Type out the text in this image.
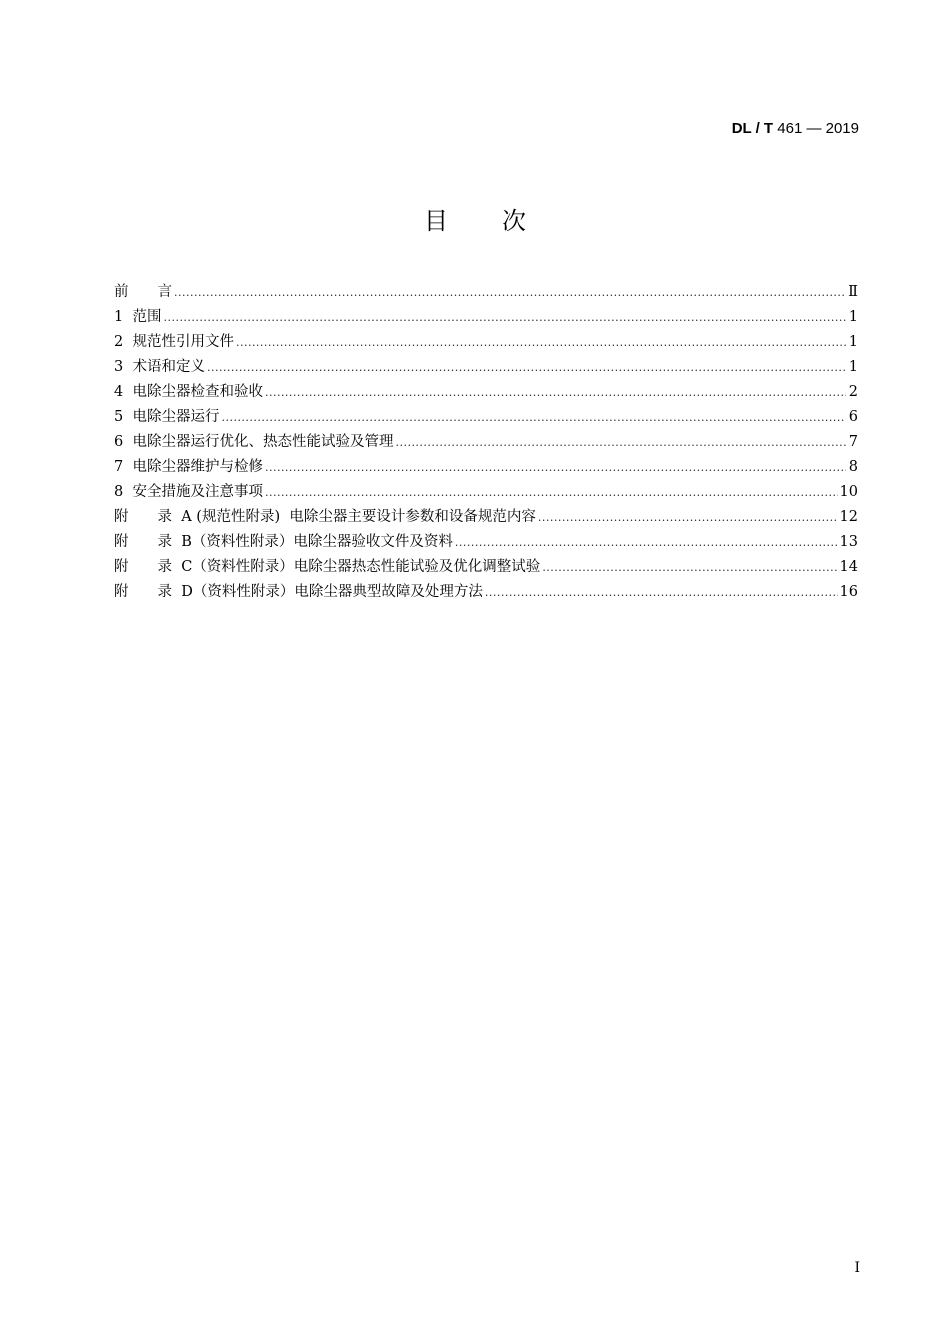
DL / T 461 — 2019
目 次
前　　言 .....	Ⅱ
1  范围 .....	1
2  规范性引用文件 .....	1
3  术语和定义 .....	1
4  电除尘器检查和验收 .....	2
5  电除尘器运行 .....	6
6  电除尘器运行优化、热态性能试验及管理 .....	7
7  电除尘器维护与检修 .....	8
8  安全措施及注意事项 .....	10
附　　录  A (规范性附录)  电除尘器主要设计参数和设备规范内容 .....	12
附　　录  B（资料性附录）电除尘器验收文件及资料 .....	13
附　　录  C（资料性附录）电除尘器热态性能试验及优化调整试验 .....	14
附　　录  D（资料性附录）电除尘器典型故障及处理方法 .....	16
I
